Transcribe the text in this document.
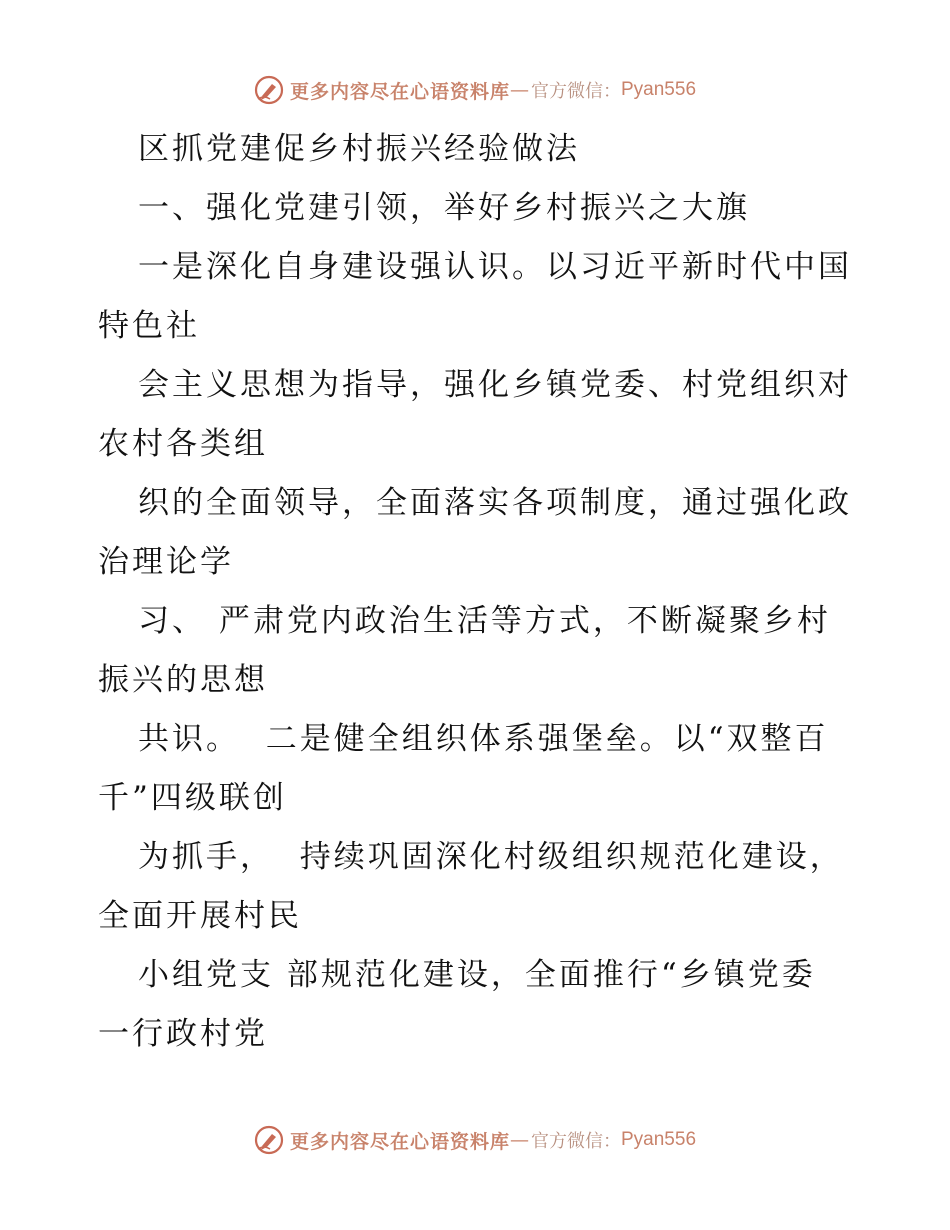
更多内容尽在心语资料库 — 官方微信： Pyan556
区抓党建促乡村振兴经验做法
一、强化党建引领，举好乡村振兴之大旗
一是深化自身建设强认识。以习近平新时代中国
特色社
会主义思想为指导，强化乡镇党委、村党组织对
农村各类组
织的全面领导，全面落实各项制度，通过强化政
治理论学
习、 严肃党内政治生活等方式，不断凝聚乡村
振兴的思想
共识。  二是健全组织体系强堡垒。以“双整百
千”四级联创
为抓手，  持续巩固深化村级组织规范化建设，
全面开展村民
小组党支 部规范化建设，全面推行“乡镇党委
一行政村党
更多内容尽在心语资料库 — 官方微信： Pyan556
